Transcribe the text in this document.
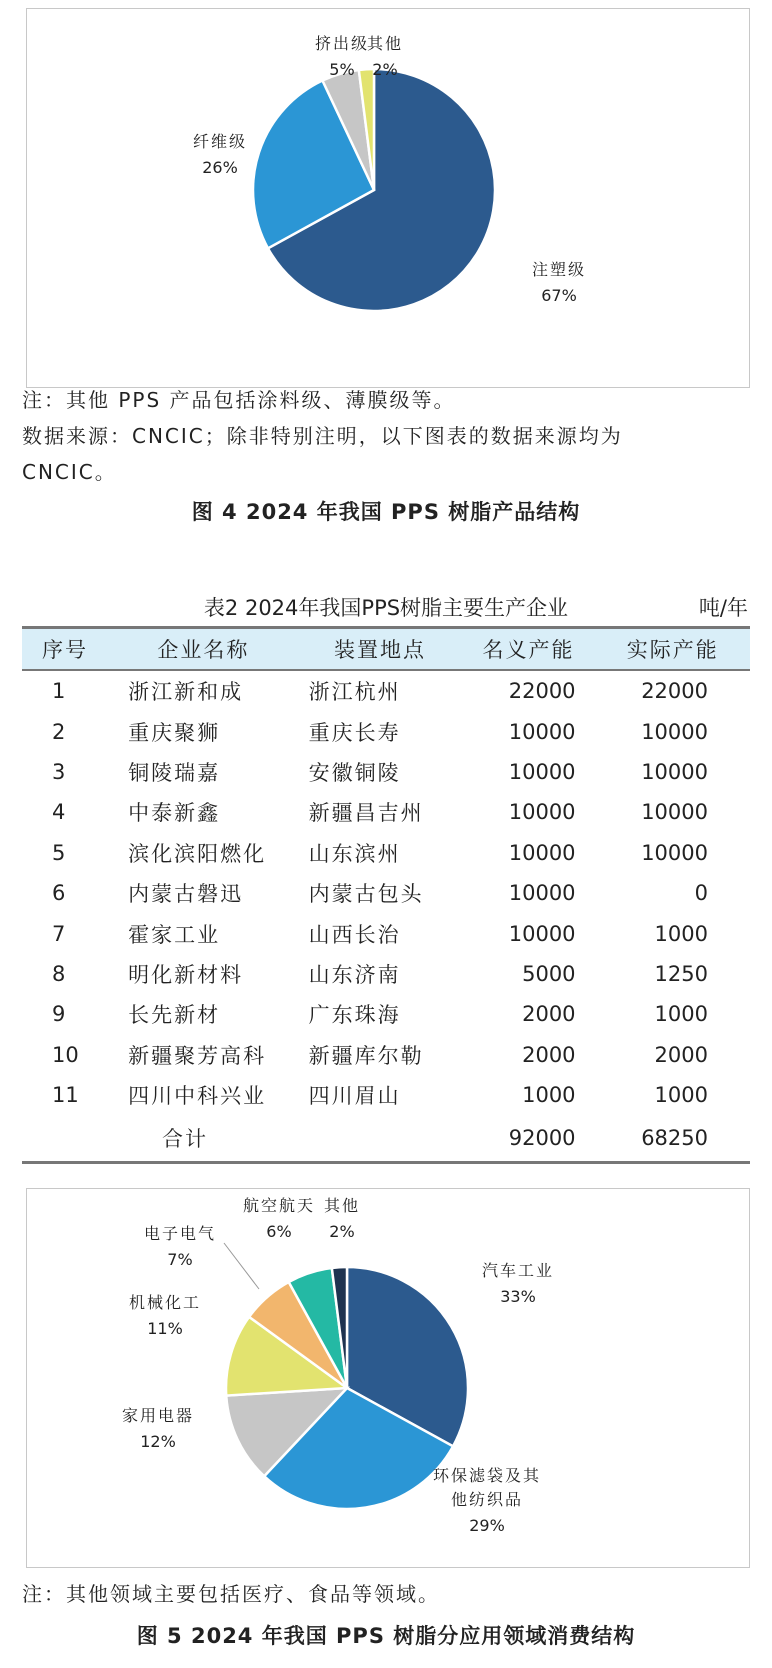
注塑级
67%
纤维级
26%
挤出级
5%
其他
2%
注：其他 PPS 产品包括涂料级、薄膜级等。
数据来源：CNCIC；除非特别注明，以下图表的数据来源均为
CNCIC。
图 4 2024 年我国 PPS 树脂产品结构
表2 2024年我国PPS树脂主要生产企业	吨/年
序号	企业名称	装置地点	名义产能	实际产能
1	浙江新和成	浙江杭州	22000	22000
2	重庆聚狮	重庆长寿	10000	10000
3	铜陵瑞嘉	安徽铜陵	10000	10000
4	中泰新鑫	新疆昌吉州	10000	10000
5	滨化滨阳燃化	山东滨州	10000	10000
6	内蒙古磐迅	内蒙古包头	10000	0
7	霍家工业	山西长治	10000	1000
8	明化新材料	山东济南	5000	1250
9	长先新材	广东珠海	2000	1000
10	新疆聚芳高科	新疆库尔勒	2000	2000
11	四川中科兴业	四川眉山	1000	1000
合计			92000	68250
汽车工业
33%
环保滤袋及其他纺织品
29%
家用电器
12%
机械化工
11%
电子电气
7%
航空航天
6%
其他
2%
注：其他领域主要包括医疗、食品等领域。
图 5 2024 年我国 PPS 树脂分应用领域消费结构
